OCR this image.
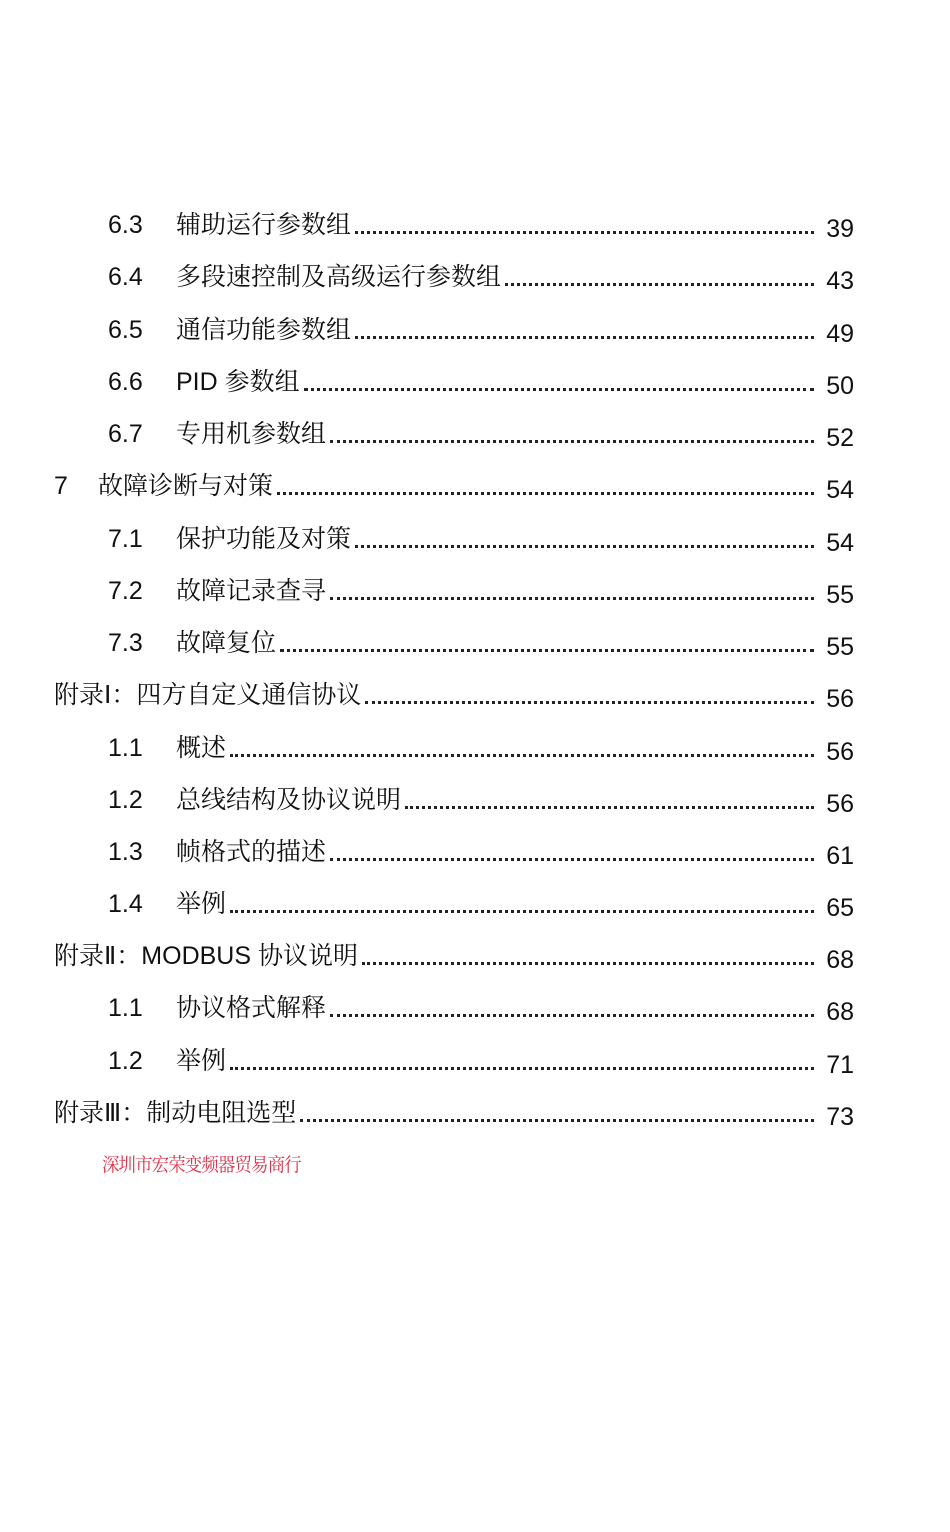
6.3	辅助运行参数组	39
6.4	多段速控制及高级运行参数组	43
6.5	通信功能参数组	49
6.6	PID 参数组	50
6.7	专用机参数组	52
7	故障诊断与对策	54
7.1	保护功能及对策	54
7.2	故障记录查寻	55
7.3	故障复位	55
附录Ⅰ：四方自定义通信协议	56
1.1	概述	56
1.2	总线结构及协议说明	56
1.3	帧格式的描述	61
1.4	举例	65
附录Ⅱ：MODBUS 协议说明	68
1.1	协议格式解释	68
1.2	举例	71
附录Ⅲ：制动电阻选型	73
深圳市宏荣变频器贸易商行
